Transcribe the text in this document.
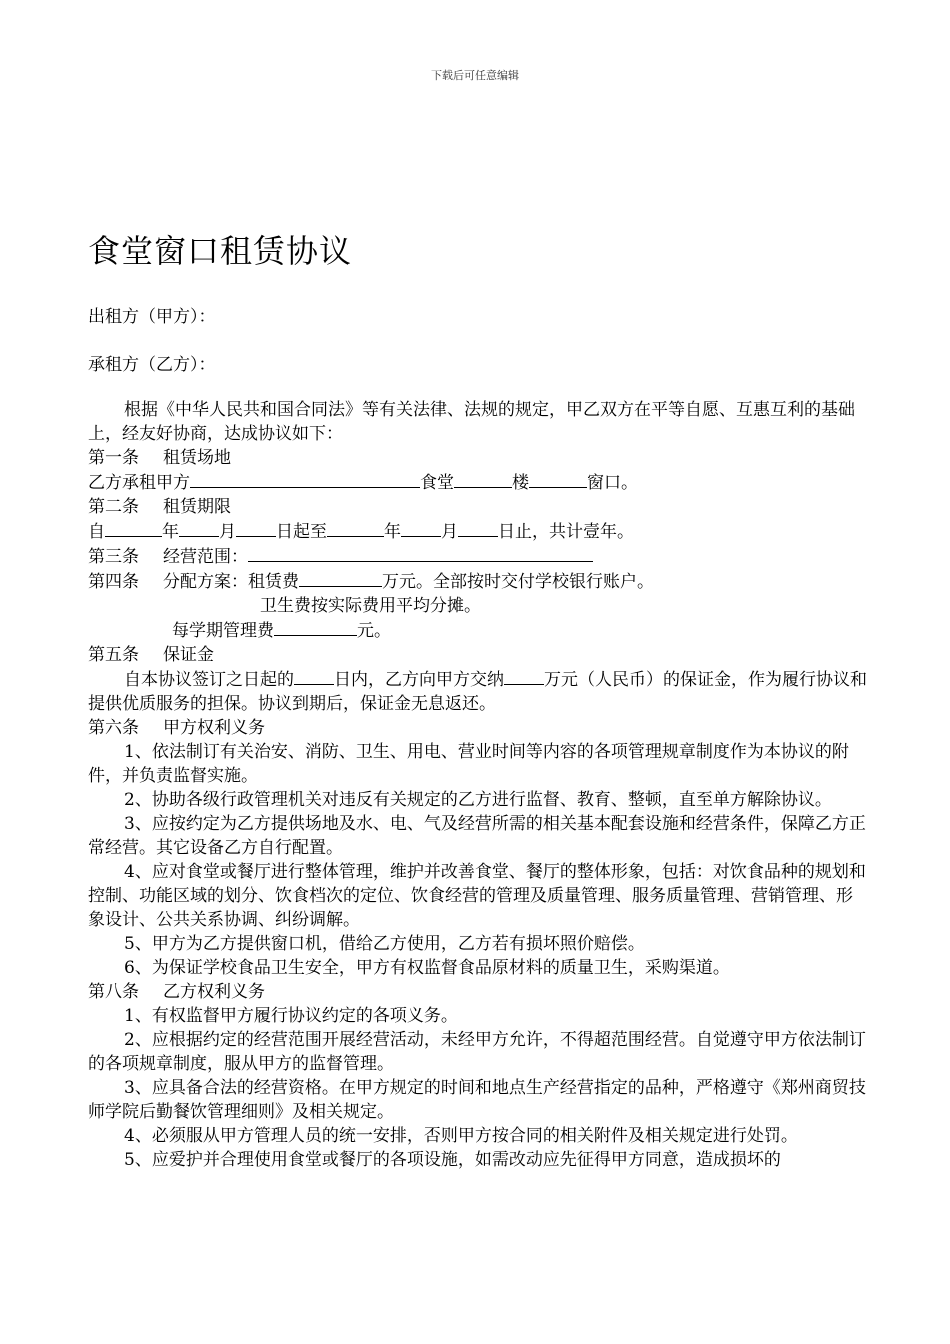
下载后可任意编辑
食堂窗口租赁协议
出租方（甲方）：
承租方（乙方）：

根据《中华人民共和国合同法》等有关法律、法规的规定，甲乙双方在平等自愿、互惠互利的基础上，经友好协商，达成协议如下：

第一条 租赁场地

乙方承租甲方	食堂	楼	窗口。

第二条 租赁期限

自	年 月 日起至	年 月 日止，共计壹年。

第三条 经营范围：

第四条 分配方案：租赁费	万元。全部按时交付学校银行账户。

卫生费按实际费用平均分摊。

每学期管理费	元。

第五条 保证金

自本协议签订之日起的 日内，乙方向甲方交纳 万元（人民币）的保证金，作为履行协议和提供优质服务的担保。协议到期后，保证金无息返还。

第六条 甲方权利义务

1、依法制订有关治安、消防、卫生、用电、营业时间等内容的各项管理规章制度作为本协议的附件，并负责监督实施。

2、协助各级行政管理机关对违反有关规定的乙方进行监督、教育、整顿，直至单方解除协议。

3、应按约定为乙方提供场地及水、电、气及经营所需的相关基本配套设施和经营条件，保障乙方正常经营。其它设备乙方自行配置。

4、应对食堂或餐厅进行整体管理，维护并改善食堂、餐厅的整体形象，包括：对饮食品种的规划和控制、功能区域的划分、饮食档次的定位、饮食经营的管理及质量管理、服务质量管理、营销管理、形象设计、公共关系协调、纠纷调解。

5、甲方为乙方提供窗口机，借给乙方使用，乙方若有损坏照价赔偿。

6、为保证学校食品卫生安全，甲方有权监督食品原材料的质量卫生，采购渠道。

第八条 乙方权利义务

1、有权监督甲方履行协议约定的各项义务。

2、应根据约定的经营范围开展经营活动，未经甲方允许，不得超范围经营。自觉遵守甲方依法制订的各项规章制度，服从甲方的监督管理。

3、应具备合法的经营资格。在甲方规定的时间和地点生产经营指定的品种，严格遵守《郑州商贸技师学院后勤餐饮管理细则》及相关规定。

4、必须服从甲方管理人员的统一安排，否则甲方按合同的相关附件及相关规定进行处罚。

5、应爱护并合理使用食堂或餐厅的各项设施，如需改动应先征得甲方同意，造成损坏的
